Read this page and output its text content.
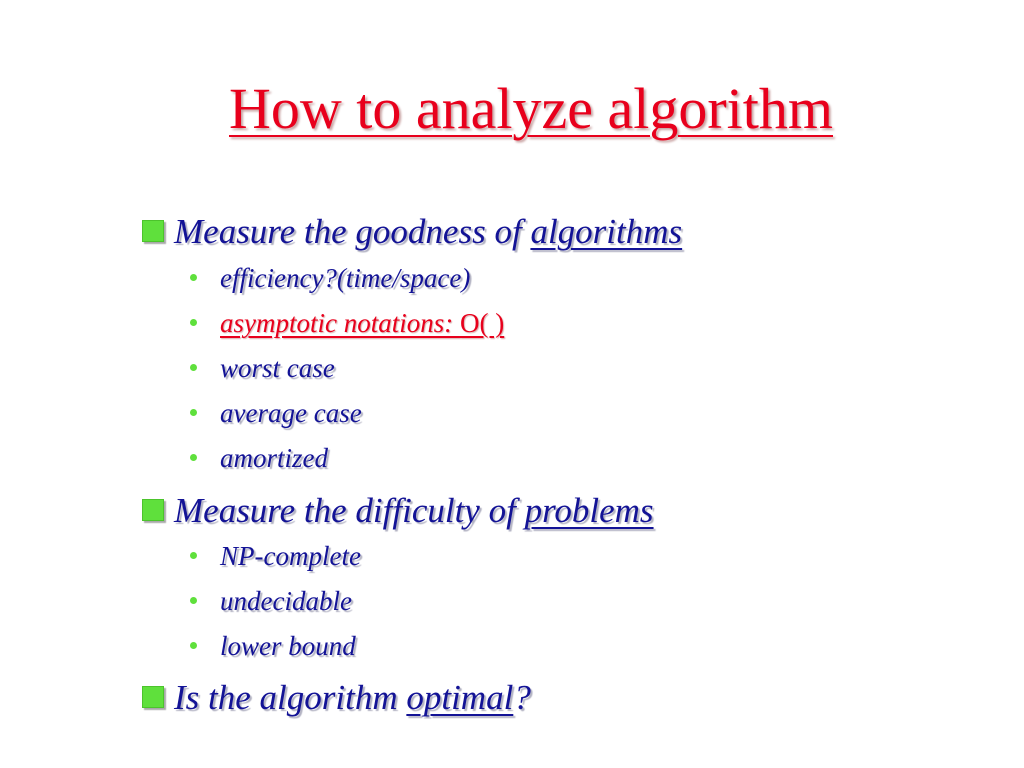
How to analyze algorithm
Measure the goodness of algorithms
efficiency?(time/space)
asymptotic notations: O( )
worst case
average case
amortized
Measure the difficulty of problems
NP-complete
undecidable
lower bound
Is the algorithm optimal?
